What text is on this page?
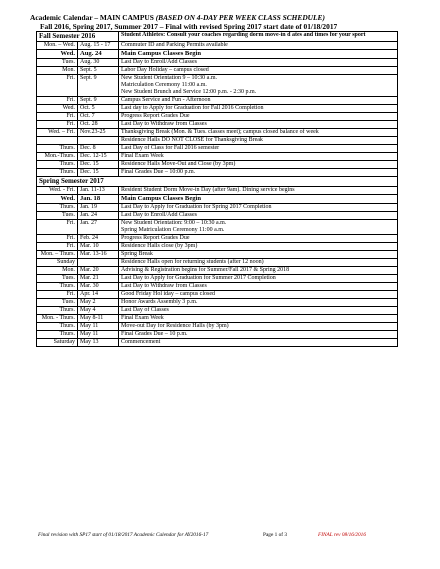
Academic Calendar – MAIN CAMPUS (BASED ON 4-DAY PER WEEK CLASS SCHEDULE)
Fall 2016, Spring 2017, Summer 2017 – Final with revised Spring 2017 start date of 01/18/2017
Fall Semester 2016		Student Athletes: Consult your coaches regarding dorm move-in d ates and times for your sport
Mon. – Wed.	Aug. 15 - 17	Commuter ID and Parking Permits available
Wed.	Aug. 24	Main Campus Classes Begin
Tues.	Aug. 30	Last Day to Enroll/Add Classes
Mon.	Sept. 5	Labor Day Holiday – campus closed
Fri.	Sept. 9	New Student Orientation 9 – 10:30 a.m.
Matriculation Ceremony 11:00 a.m.
New Student Brunch and Service 12:00 p.m. - 2:30 p.m.
Fri.	Sept. 9	Campus Service and Fun - Afternoon
Wed.	Oct. 5	Last day to Apply for Graduation for Fall 2016 Completion
Fri.	Oct. 7	Progress Report Grades Due
Fri.	Oct. 28	Last Day to Withdraw from Classes
Wed. – Fri.	Nov.23-25	Thanksgiving Break (Mon. & Tues. classes meet); campus closed balance of week
		Residence Halls DO NOT CLOSE for Thanksgiving Break
Thurs.	Dec. 8	Last Day of Class for Fall 2016 semester
Mon.-Thurs.	Dec. 12-15	Final Exam Week
Thurs.	Dec. 15	Residence Halls Move-Out and Close (by 3pm)
Thurs.	Dec. 15	Final Grades Due – 10:00 p.m.
Spring Semester 2017		
Wed. - Fri.	Jan. 11-13	Resident Student Dorm Move-in Day (after 9am). Dining service begins
Wed.	Jan. 18	Main Campus Classes Begin
Thurs.	Jan. 19	Last Day to Apply for Graduation for Spring 2017 Completion
Tues.	Jan. 24	Last Day to Enroll/Add Classes
Fri.	Jan. 27	New Student Orientation: 9:00 – 10:30 a.m.
Spring Matriculation Ceremony 11:00 a.m.
Fri.	Feb. 24	Progress Report Grades Due
Fri.	Mar. 10	Residence Halls close (by 3pm)
Mon. – Thurs.	Mar. 13-16	Spring Break
Sunday		Residence Halls open for returning students (after 12 noon)
Mon.	Mar. 20	Advising & Registration begins for Summer/Fall 2017 & Spring 2018
Tues.	Mar. 21	Last Day to Apply for Graduation for Summer 2017 Completion
Thurs.	Mar. 30	Last Day to Withdraw from Classes
Fri.	Apr. 14	Good Friday Hol iday – campus closed
Tues.	May 2	Honor Awards Assembly 3 p.m.
Thurs.	May 4	Last Day of Classes
Mon. - Thurs.	May 8-11	Final Exam Week
Thurs.	May 11	Move-out Day for Residence Halls (by 3pm)
Thurs.	May 11	Final Grades Due – 10 p.m.
Saturday	May 13	Commencement
Final revision with SP17 start of 01/18/2017 Academic Calendar for AY2016-17	Page 1 of 3	FINAL rev 08/16/2016
